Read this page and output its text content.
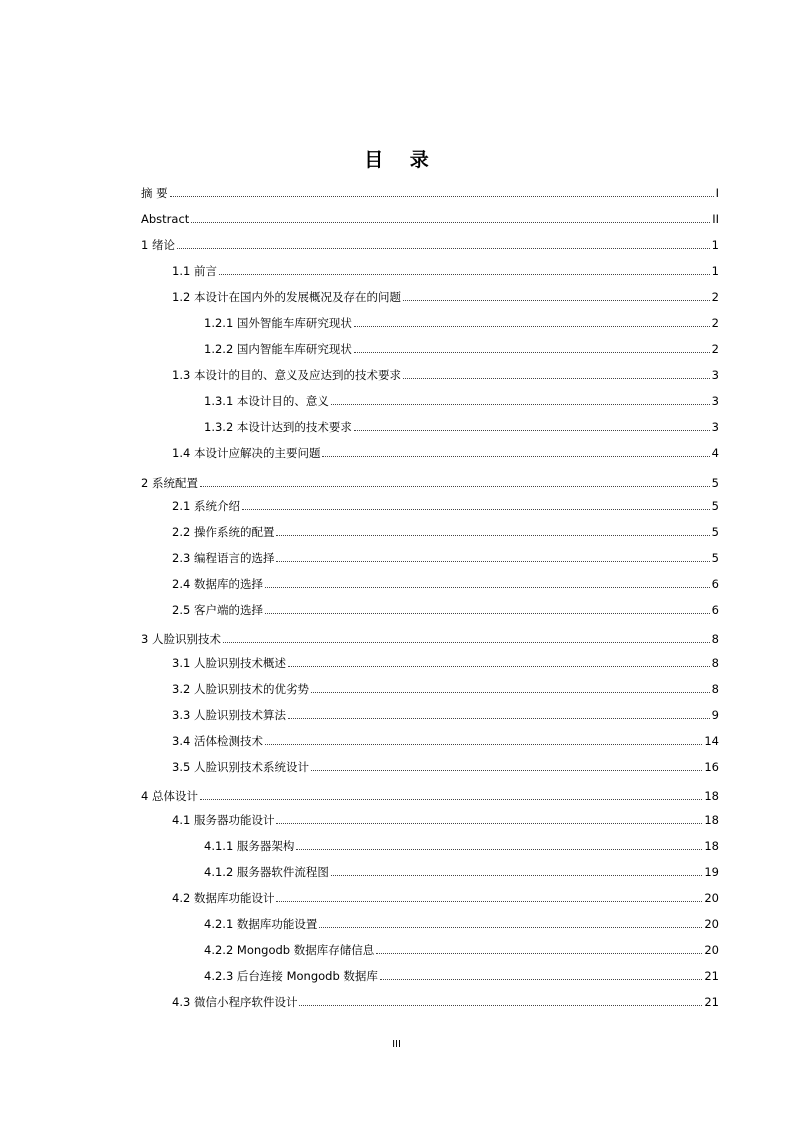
目 录
摘 要	I
Abstract	II
1 绪论	1
1.1 前言	1
1.2 本设计在国内外的发展概况及存在的问题	2
1.2.1 国外智能车库研究现状	2
1.2.2 国内智能车库研究现状	2
1.3 本设计的目的、意义及应达到的技术要求	3
1.3.1 本设计目的、意义	3
1.3.2 本设计达到的技术要求	3
1.4 本设计应解决的主要问题	4
2 系统配置	5
2.1 系统介绍	5
2.2 操作系统的配置	5
2.3 编程语言的选择	5
2.4 数据库的选择	6
2.5 客户端的选择	6
3 人脸识别技术	8
3.1 人脸识别技术概述	8
3.2 人脸识别技术的优劣势	8
3.3 人脸识别技术算法	9
3.4 活体检测技术	14
3.5 人脸识别技术系统设计	16
4 总体设计	18
4.1 服务器功能设计	18
4.1.1 服务器架构	18
4.1.2 服务器软件流程图	19
4.2 数据库功能设计	20
4.2.1 数据库功能设置	20
4.2.2 Mongodb 数据库存储信息	20
4.2.3 后台连接 Mongodb 数据库	21
4.3 微信小程序软件设计	21
III
